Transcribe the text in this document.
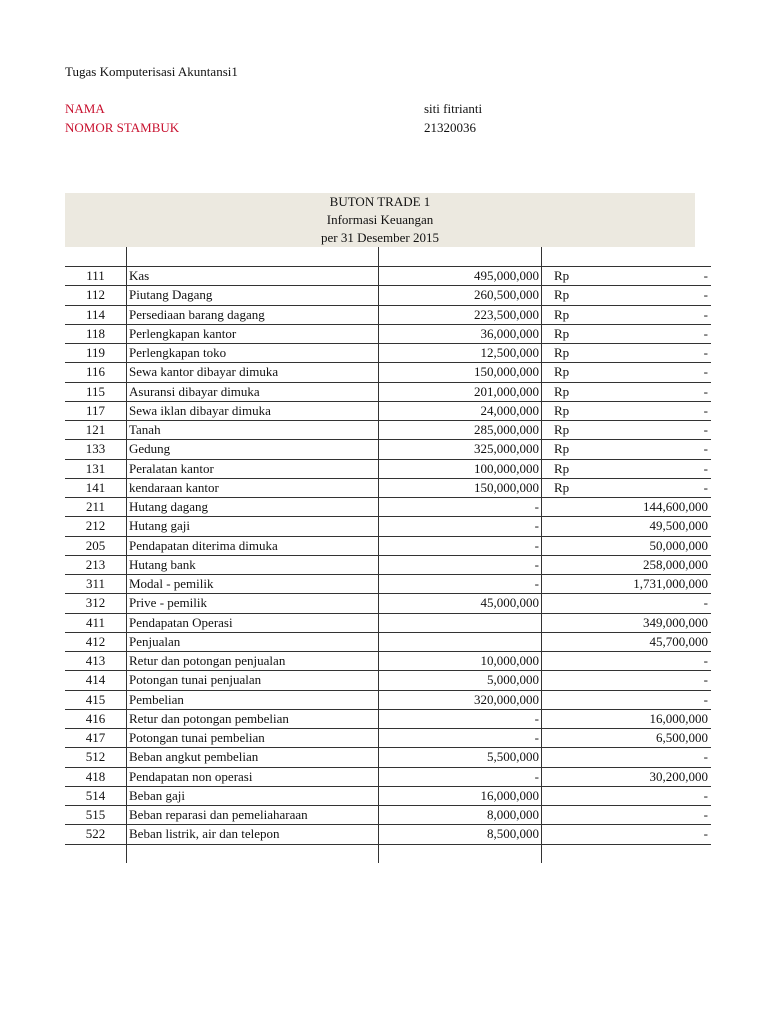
Tugas Komputerisasi Akuntansi1
NAMA	siti fitrianti
NOMOR STAMBUK	21320036
BUTON TRADE 1
Informasi Keuangan
per 31 Desember 2015

111	Kas	495,000,000	Rp -

112	Piutang Dagang	260,500,000	Rp -

114	Persediaan barang dagang	223,500,000	Rp -

118	Perlengkapan kantor	36,000,000	Rp -

119	Perlengkapan toko	12,500,000	Rp -

116	Sewa kantor dibayar dimuka	150,000,000	Rp -

115	Asuransi dibayar dimuka	201,000,000	Rp -

117	Sewa iklan dibayar dimuka	24,000,000	Rp -

121	Tanah	285,000,000	Rp -

133	Gedung	325,000,000	Rp -

131	Peralatan kantor	100,000,000	Rp -

141	kendaraan kantor	150,000,000	Rp -

211	Hutang dagang	-	144,600,000

212	Hutang gaji	-	49,500,000

205	Pendapatan diterima dimuka	-	50,000,000

213	Hutang bank	-	258,000,000

311	Modal - pemilik	-	1,731,000,000

312	Prive - pemilik	45,000,000	-

411	Pendapatan Operasi		349,000,000

412	Penjualan		45,700,000

413	Retur dan potongan penjualan	10,000,000	-

414	Potongan tunai penjualan	5,000,000	-

415	Pembelian	320,000,000	-

416	Retur dan potongan pembelian	-	16,000,000

417	Potongan tunai pembelian	-	6,500,000

512	Beban angkut pembelian	5,500,000	-

418	Pendapatan non operasi	-	30,200,000

514	Beban gaji	16,000,000	-

515	Beban reparasi dan pemeliaharaan	8,000,000	-

522	Beban listrik, air dan telepon	8,500,000	-
